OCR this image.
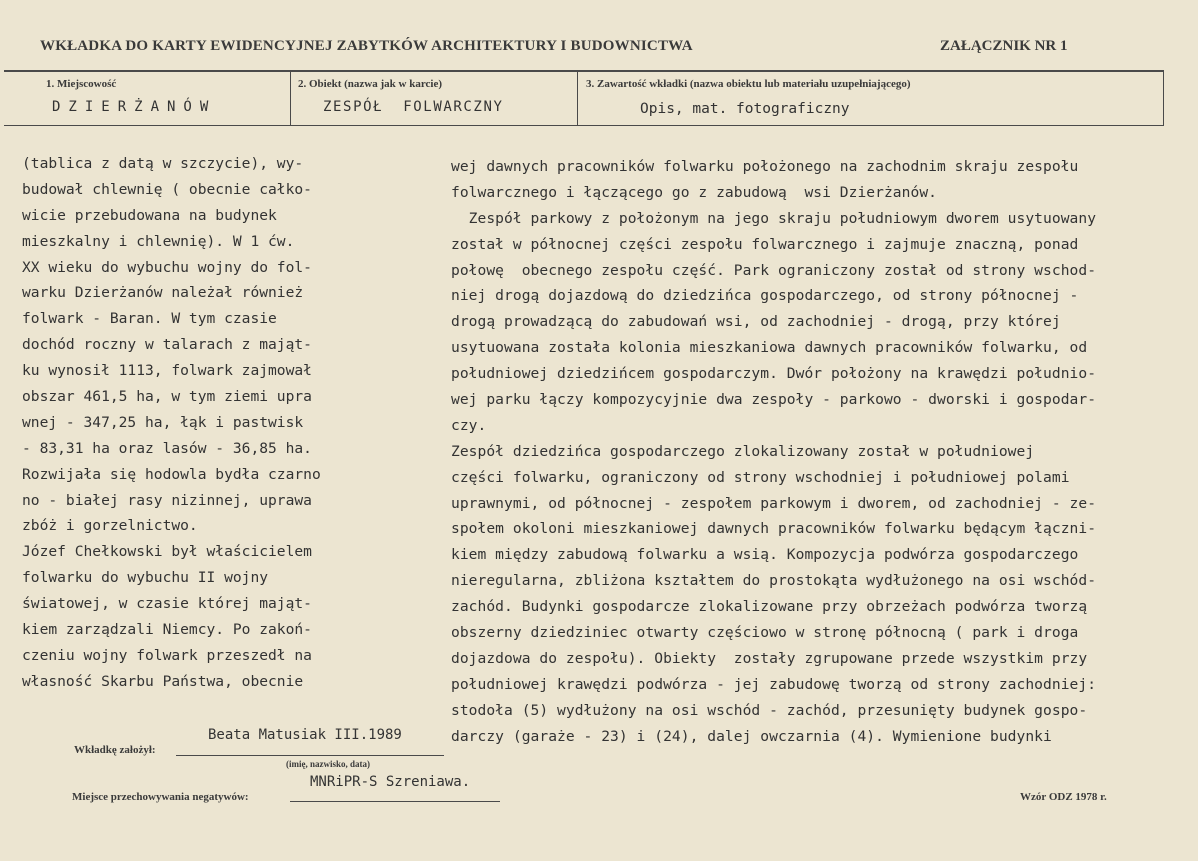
WKŁADKA DO KARTY EWIDENCYJNEJ ZABYTKÓW ARCHITEKTURY I BUDOWNICTWA	ZAŁĄCZNIK NR 1
1. Miejscowość
DZIERŻANÓW
2. Obiekt (nazwa jak w karcie)
ZESPÓŁ  FOLWARCZNY
3. Zawartość wkładki (nazwa obiektu lub materiału uzupełniającego)
Opis, mat. fotograficzny
(tablica z datą w szczycie), wy-
budował chlewnię ( obecnie całko-
wicie przebudowana na budynek
mieszkalny i chlewnię). W 1 ćw.
XX wieku do wybuchu wojny do fol-
warku Dzierżanów należał również
folwark - Baran. W tym czasie
dochód roczny w talarach z mająt-
ku wynosił 1113, folwark zajmował
obszar 461,5 ha, w tym ziemi upra
wnej - 347,25 ha, łąk i pastwisk
- 83,31 ha oraz lasów - 36,85 ha.
Rozwijała się hodowla bydła czarno
no - białej rasy nizinnej, uprawa
zbóż i gorzelnictwo.
Józef Chełkowski był właścicielem
folwarku do wybuchu II wojny
światowej, w czasie której mająt-
kiem zarządzali Niemcy. Po zakoń-
czeniu wojny folwark przeszedł na
własność Skarbu Państwa, obecnie
wej dawnych pracowników folwarku położonego na zachodnim skraju zespołu
folwarcznego i łączącego go z zabudową  wsi Dzierżanów.
Zespół parkowy z położonym na jego skraju południowym dworem usytuowany
został w północnej części zespołu folwarcznego i zajmuje znaczną, ponad
połowę  obecnego zespołu część. Park ograniczony został od strony wschod-
niej drogą dojazdową do dziedzińca gospodarczego, od strony północnej -
drogą prowadzącą do zabudowań wsi, od zachodniej - drogą, przy której
usytuowana została kolonia mieszkaniowa dawnych pracowników folwarku, od
południowej dziedzińcem gospodarczym. Dwór położony na krawędzi południo-
wej parku łączy kompozycyjnie dwa zespoły - parkowo - dworski i gospodar-
czy.
Zespół dziedzińca gospodarczego zlokalizowany został w południowej
części folwarku, ograniczony od strony wschodniej i południowej polami
uprawnymi, od północnej - zespołem parkowym i dworem, od zachodniej - ze-
społem okoloni mieszkaniowej dawnych pracowników folwarku będącym łączni-
kiem między zabudową folwarku a wsią. Kompozycja podwórza gospodarczego
nieregularna, zbliżona kształtem do prostokąta wydłużonego na osi wschód-
zachód. Budynki gospodarcze zlokalizowane przy obrzeżach podwórza tworzą
obszerny dziedziniec otwarty częściowo w stronę północną ( park i droga
dojazdowa do zespołu). Obiekty  zostały zgrupowane przede wszystkim przy
południowej krawędzi podwórza - jej zabudowę tworzą od strony zachodniej:
stodoła (5) wydłużony na osi wschód - zachód, przesunięty budynek gospo-
darczy (garaże - 23) i (24), dalej owczarnia (4). Wymienione budynki
Wkładkę założył:
Beata Matusiak III.1989
(imię, nazwisko, data)
Miejsce przechowywania negatywów:
MNRiPR-S Szreniawa.
Wzór ODZ 1978 r.
